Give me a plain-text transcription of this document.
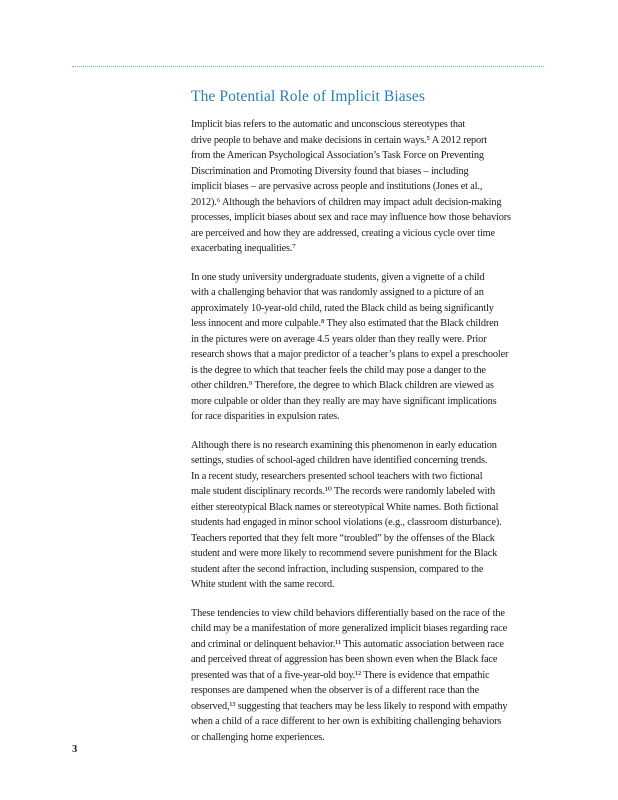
The Potential Role of Implicit Biases
Implicit bias refers to the automatic and unconscious stereotypes that
drive people to behave and make decisions in certain ways.⁵ A 2012 report
from the American Psychological Association’s Task Force on Preventing
Discrimination and Promoting Diversity found that biases – including
implicit biases – are pervasive across people and institutions (Jones et al.,
2012).⁶ Although the behaviors of children may impact adult decision-making
processes, implicit biases about sex and race may influence how those behaviors
are perceived and how they are addressed, creating a vicious cycle over time
exacerbating inequalities.⁷
In one study university undergraduate students, given a vignette of a child
with a challenging behavior that was randomly assigned to a picture of an
approximately 10-year-old child, rated the Black child as being significantly
less innocent and more culpable.⁸ They also estimated that the Black children
in the pictures were on average 4.5 years older than they really were. Prior
research shows that a major predictor of a teacher’s plans to expel a preschooler
is the degree to which that teacher feels the child may pose a danger to the
other children.⁹ Therefore, the degree to which Black children are viewed as
more culpable or older than they really are may have significant implications
for race disparities in expulsion rates.
Although there is no research examining this phenomenon in early education
settings, studies of school-aged children have identified concerning trends.
In a recent study, researchers presented school teachers with two fictional
male student disciplinary records.¹⁰ The records were randomly labeled with
either stereotypical Black names or stereotypical White names. Both fictional
students had engaged in minor school violations (e.g., classroom disturbance).
Teachers reported that they felt more “troubled” by the offenses of the Black
student and were more likely to recommend severe punishment for the Black
student after the second infraction, including suspension, compared to the
White student with the same record.
These tendencies to view child behaviors differentially based on the race of the
child may be a manifestation of more generalized implicit biases regarding race
and criminal or delinquent behavior.¹¹ This automatic association between race
and perceived threat of aggression has been shown even when the Black face
presented was that of a five-year-old boy.¹² There is evidence that empathic
responses are dampened when the observer is of a different race than the
observed,¹³ suggesting that teachers may be less likely to respond with empathy
when a child of a race different to her own is exhibiting challenging behaviors
or challenging home experiences.
3
